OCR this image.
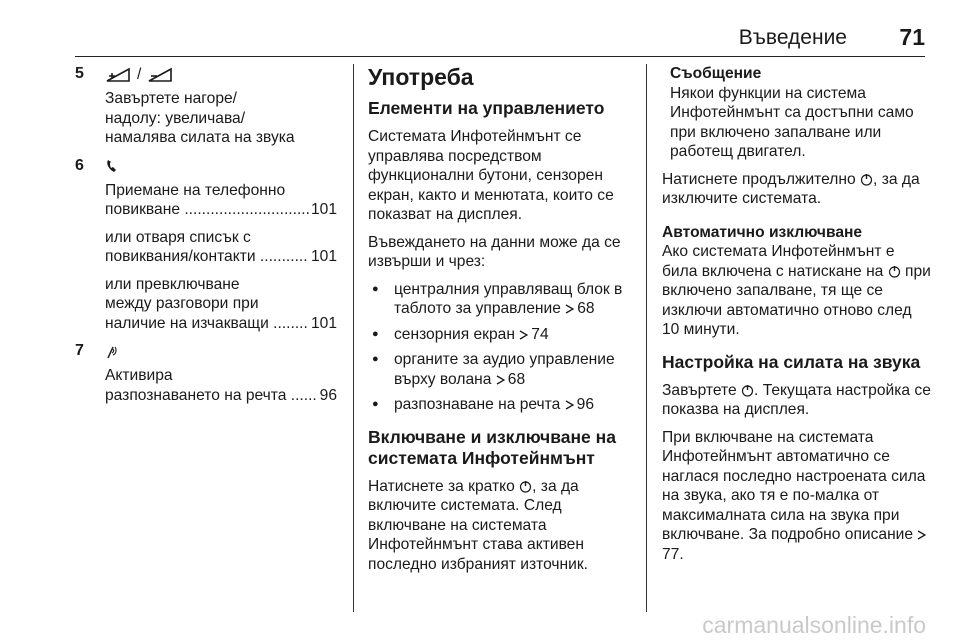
Въведение 71
5	/

Завъртете нагоре/
надолу: увеличава/
намалява силата на звука

6

Приемане на телефонно

повикване .....	101

или отваря списък с

повиквания/контакти .....	101

или превключване
между разговори при

наличие на изчакващи .....	101

7

Активира

разпознаването на речта .....	96

Употреба
Елементи на управлението

Системата Инфотейнмънт се управлява посредством функционални бутони, сензорен екран, както и менютата, които се показват на дисплея.

Въвеждането на данни може да се извърши и чрез:

● централния управляващ блок в таблото за управление 68
● сензорния екран 74
● органите за аудио управление върху волана 68
● разпознаване на речта 96
Включване и изключване на системата Инфотейнмънт

Натиснете за кратко , за да включите системата. След включване на системата Инфотейнмънт става активен последно избраният източник.

Съобщение
Някои функции на система Инфотейнмънт са достъпни само при включено запалване или работещ двигател.

Натиснете продължително , за да изключите системата.

Автоматично изключване

Ако системата Инфотейнмънт е била включена с натискане на при включено запалване, тя ще се изключи автоматично отново след 10 минути.

Настройка на силата на звука

Завъртете . Текущата настройка се показва на дисплея.

При включване на системата Инфотейнмънт автоматично се наглася последно настроената сила на звука, ако тя е по-малка от максималната сила на звука при включване. За подробно описание 77.

carmanualsonline.info
